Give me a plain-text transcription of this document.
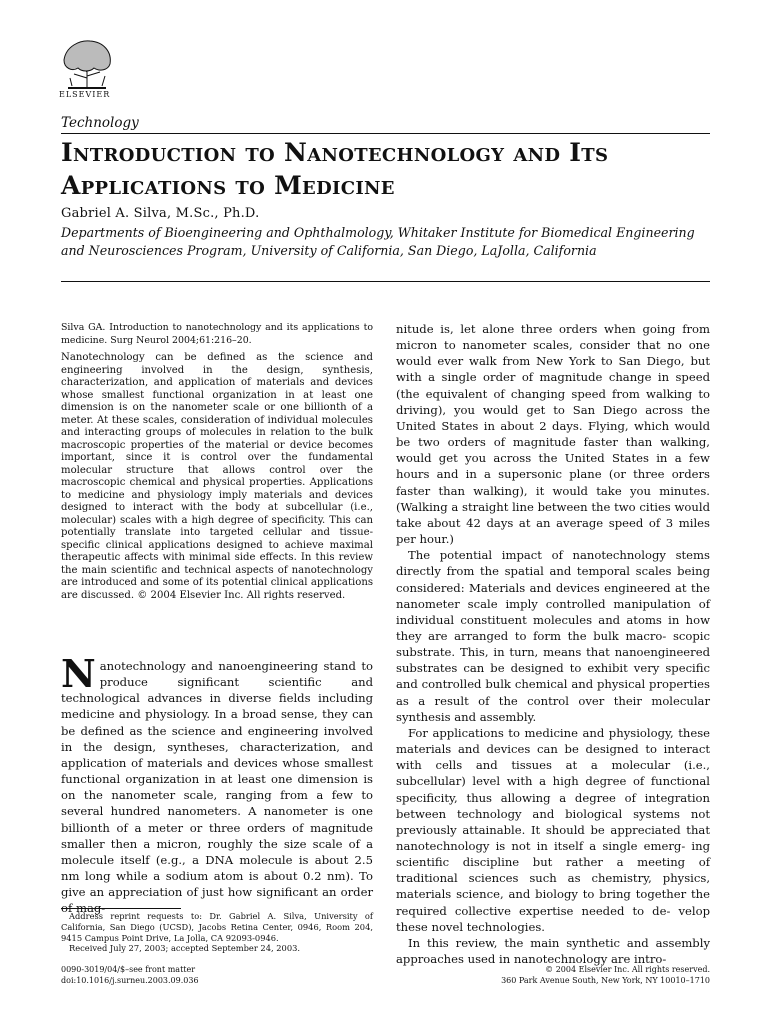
ELSEVIER
Technology
Introduction to Nanotechnology and Its Applications to Medicine
Gabriel A. Silva, M.Sc., Ph.D.
Departments of Bioengineering and Ophthalmology, Whitaker Institute for Biomedical Engineering and Neurosciences Program, University of California, San Diego, LaJolla, California
Silva GA. Introduction to nanotechnology and its applications to medicine. Surg Neurol 2004;61:216–20.
Nanotechnology can be defined as the science and engineering involved in the design, synthesis, characterization, and application of materials and devices whose smallest functional organization in at least one dimension is on the nanometer scale or one billionth of a meter. At these scales, consideration of individual molecules and interacting groups of molecules in relation to the bulk macroscopic properties of the material or device becomes important, since it is control over the fundamental molecular structure that allows control over the macroscopic chemical and physical properties. Applications to medicine and physiology imply materials and devices designed to interact with the body at subcellular (i.e., molecular) scales with a high degree of specificity. This can potentially translate into targeted cellular and tissue-specific clinical applications designed to achieve maximal therapeutic affects with minimal side effects. In this review the main scientific and technical aspects of nanotechnology are introduced and some of its potential clinical applications are discussed. © 2004 Elsevier Inc. All rights reserved.
Nanotechnology and nanoengineering stand to produce significant scientific and technological advances in diverse fields including medicine and physiology. In a broad sense, they can be defined as the science and engineering involved in the design, syntheses, characterization, and application of materials and devices whose smallest functional organization in at least one dimension is on the nanometer scale, ranging from a few to several hundred nanometers. A nanometer is one billionth of a meter or three orders of magnitude smaller then a micron, roughly the size scale of a molecule itself (e.g., a DNA molecule is about 2.5 nm long while a sodium atom is about 0.2 nm). To give an appreciation of just how significant an order of mag-

nitude is, let alone three orders when going from micron to nanometer scales, consider that no one would ever walk from New York to San Diego, but with a single order of magnitude change in speed (the equivalent of changing speed from walking to driving), you would get to San Diego across the United States in about 2 days. Flying, which would be two orders of magnitude faster than walking, would get you across the United States in a few hours and in a supersonic plane (or three orders faster than walking), it would take you minutes. (Walking a straight line between the two cities would take about 42 days at an average speed of 3 miles per hour.)

The potential impact of nanotechnology stems directly from the spatial and temporal scales being considered: Materials and devices engineered at the nanometer scale imply controlled manipulation of individual constituent molecules and atoms in how they are arranged to form the bulk macro- scopic substrate. This, in turn, means that nanoengineered substrates can be designed to exhibit very specific and controlled bulk chemical and physical properties as a result of the control over their molecular synthesis and assembly.

For applications to medicine and physiology, these materials and devices can be designed to interact with cells and tissues at a molecular (i.e., subcellular) level with a high degree of functional specificity, thus allowing a degree of integration between technology and biological systems not previously attainable. It should be appreciated that nanotechnology is not in itself a single emerg- ing scientific discipline but rather a meeting of traditional sciences such as chemistry, physics, materials science, and biology to bring together the required collective expertise needed to de- velop these novel technologies.

In this review, the main synthetic and assembly approaches used in nanotechnology are intro-

Address reprint requests to: Dr. Gabriel A. Silva, University of California, San Diego (UCSD), Jacobs Retina Center, 0946, Room 204, 9415 Campus Point Drive, La Jolla, CA 92093-0946.

Received July 27, 2003; accepted September 24, 2003.

0090-3019/04/$–see front matter
doi:10.1016/j.surneu.2003.09.036
© 2004 Elsevier Inc. All rights reserved.
360 Park Avenue South, New York, NY 10010–1710
